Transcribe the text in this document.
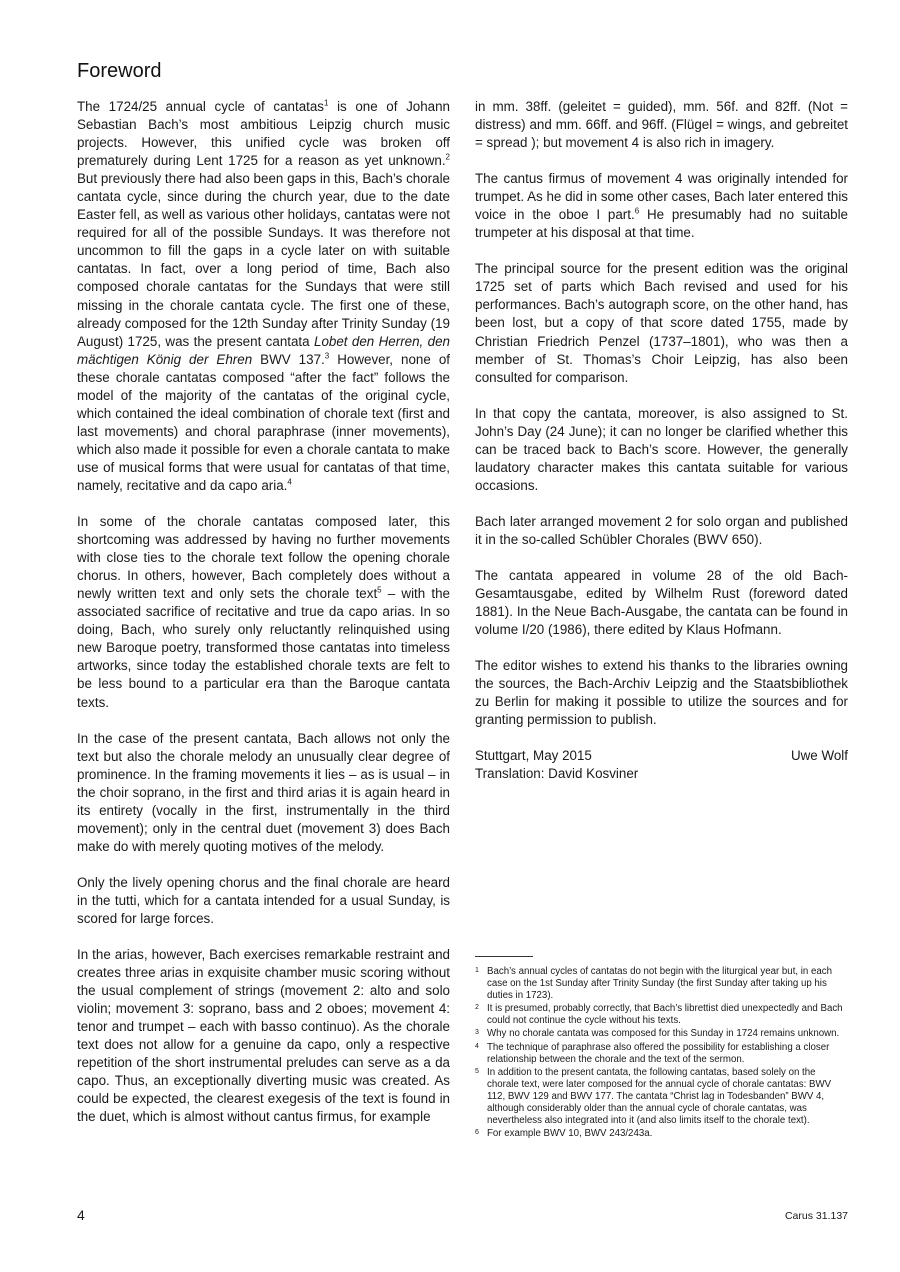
Foreword

The 1724/25 annual cycle of cantatas$^1$ is one of Johann Sebastian Bach’s most ambitious Leipzig church music projects. However, this unified cycle was broken off prematurely during Lent 1725 for a reason as yet unknown.$^2$ But previously there had also been gaps in this, Bach’s chorale cantata cycle, since during the church year, due to the date Easter fell, as well as various other holidays, cantatas were not required for all of the possible Sundays. It was therefore not uncommon to fill the gaps in a cycle later on with suitable cantatas. In fact, over a long period of time, Bach also composed chorale cantatas for the Sundays that were still missing in the chorale cantata cycle. The first one of these, already composed for the 12th Sunday after Trinity Sunday (19 August) 1725, was the present cantata Lobet den Herren, den mächtigen König der Ehren BWV 137.$^3$ However, none of these chorale cantatas composed “after the fact” follows the model of the majority of the cantatas of the original cycle, which contained the ideal combination of chorale text (first and last movements) and choral paraphrase (inner movements), which also made it possible for even a chorale cantata to make use of musical forms that were usual for cantatas of that time, namely, recitative and da capo aria.$^4$

In some of the chorale cantatas composed later, this shortcoming was addressed by having no further movements with close ties to the chorale text follow the opening chorale chorus. In others, however, Bach completely does without a newly written text and only sets the chorale text$^5$ – with the associated sacrifice of recitative and true da capo arias. In so doing, Bach, who surely only reluctantly relinquished using new Baroque poetry, transformed those cantatas into timeless artworks, since today the established chorale texts are felt to be less bound to a particular era than the Baroque cantata texts.

In the case of the present cantata, Bach allows not only the text but also the chorale melody an unusually clear degree of prominence. In the framing movements it lies – as is usual – in the choir soprano, in the first and third arias it is again heard in its entirety (vocally in the first, instrumentally in the third movement); only in the central duet (movement 3) does Bach make do with merely quoting motives of the melody.

Only the lively opening chorus and the final chorale are heard in the tutti, which for a cantata intended for a usual Sunday, is scored for large forces.

In the arias, however, Bach exercises remarkable restraint and creates three arias in exquisite chamber music scoring without the usual complement of strings (movement 2: alto and solo violin; movement 3: soprano, bass and 2 oboes; movement 4: tenor and trumpet – each with basso continuo). As the chorale text does not allow for a genuine da capo, only a respective repetition of the short instrumental preludes can serve as a da capo. Thus, an exceptionally diverting music was created. As could be expected, the clearest exegesis of the text is found in the duet, which is almost without cantus firmus, for example

in mm. 38ff. (geleitet = guided), mm. 56f. and 82ff. (Not = distress) and mm. 66ff. and 96ff. (Flügel = wings, and gebreitet = spread ); but movement 4 is also rich in imagery.

The cantus firmus of movement 4 was originally intended for trumpet. As he did in some other cases, Bach later entered this voice in the oboe I part.$^6$ He presumably had no suitable trumpeter at his disposal at that time.

The principal source for the present edition was the original 1725 set of parts which Bach revised and used for his performances. Bach’s autograph score, on the other hand, has been lost, but a copy of that score dated 1755, made by Christian Friedrich Penzel (1737–1801), who was then a member of St. Thomas’s Choir Leipzig, has also been consulted for comparison.

In that copy the cantata, moreover, is also assigned to St. John’s Day (24 June); it can no longer be clarified whether this can be traced back to Bach’s score. However, the generally laudatory character makes this cantata suitable for various occasions.

Bach later arranged movement 2 for solo organ and published it in the so-called Schübler Chorales (BWV 650).

The cantata appeared in volume 28 of the old Bach-Gesamtausgabe, edited by Wilhelm Rust (foreword dated 1881). In the Neue Bach-Ausgabe, the cantata can be found in volume I/20 (1986), there edited by Klaus Hofmann.

The editor wishes to extend his thanks to the libraries owning the sources, the Bach-Archiv Leipzig and the Staatsbibliothek zu Berlin for making it possible to utilize the sources and for granting permission to publish.

Stuttgart, May 2015	Uwe Wolf
Translation: David Kosviner
1 Bach’s annual cycles of cantatas do not begin with the liturgical year but, in each case on the 1st Sunday after Trinity Sunday (the first Sunday after taking up his duties in 1723).
2 It is presumed, probably correctly, that Bach’s librettist died unexpectedly and Bach could not continue the cycle without his texts.
3 Why no chorale cantata was composed for this Sunday in 1724 remains unknown.
4 The technique of paraphrase also offered the possibility for establishing a closer relationship between the chorale and the text of the sermon.
5 In addition to the present cantata, the following cantatas, based solely on the chorale text, were later composed for the annual cycle of chorale cantatas: BWV 112, BWV 129 and BWV 177. The cantata “Christ lag in Todesbanden” BWV 4, although considerably older than the annual cycle of chorale cantatas, was nevertheless also integrated into it (and also limits itself to the chorale text).
6 For example BWV 10, BWV 243/243a.
4	Carus 31.137
